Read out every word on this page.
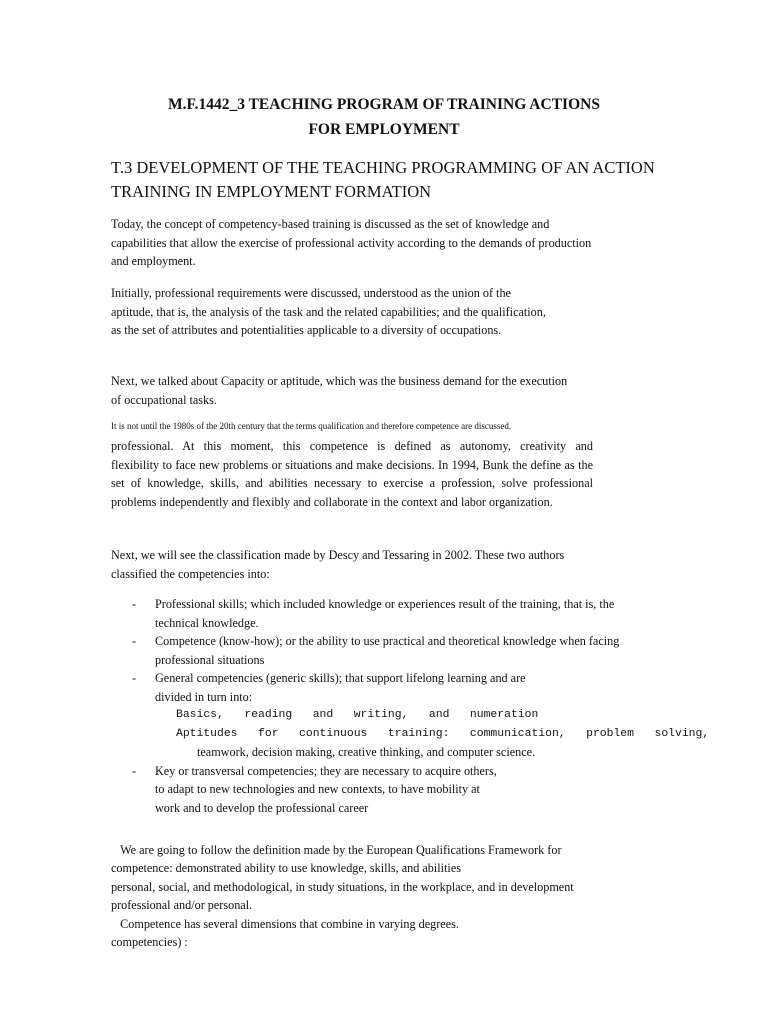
M.F.1442_3 TEACHING PROGRAM OF TRAINING ACTIONS

FOR EMPLOYMENT

T.3 DEVELOPMENT OF THE TEACHING PROGRAMMING OF AN ACTION
TRAINING IN EMPLOYMENT FORMATION

Today, the concept of competency-based training is discussed as the set of knowledge and capabilities that allow the exercise of professional activity according to the demands of production and employment.

Initially, professional requirements were discussed, understood as the union of the aptitude, that is, the analysis of the task and the related capabilities; and the qualification, as the set of attributes and potentialities applicable to a diversity of occupations.

Next, we talked about Capacity or aptitude, which was the business demand for the execution of occupational tasks.

It is not until the 1980s of the 20th century that the terms qualification and therefore competence are discussed.

professional. At this moment, this competence is defined as autonomy, creativity and
flexibility to face new problems or situations and make decisions. In 1994, Bunk the define as the set of knowledge, skills, and abilities necessary to exercise a profession, solve professional problems independently and flexibly and collaborate in the context and labor organization.

Next, we will see the classification made by Descy and Tessaring in 2002. These two authors classified the competencies into:

- Professional skills; which included knowledge or experiences result of the training, that is, the technical knowledge.
- Competence (know-how); or the ability to use practical and theoretical knowledge when facing professional situations
- General competencies (generic skills); that support lifelong learning and are divided in turn into:
Basics,   reading   and   writing,   and   numeration
Aptitudes   for   continuous   training:   communication,   problem   solving,
teamwork, decision making, creative thinking, and computer science.
- Key or transversal competencies; they are necessary to acquire others, to adapt to new technologies and new contexts, to have mobility at work and to develop the professional career

We are going to follow the definition made by the European Qualifications Framework for
competence: demonstrated ability to use knowledge, skills, and abilities
personal, social, and methodological, in study situations, in the workplace, and in development
professional and/or personal.

Competence has several dimensions that combine in varying degrees.
competencies) :
